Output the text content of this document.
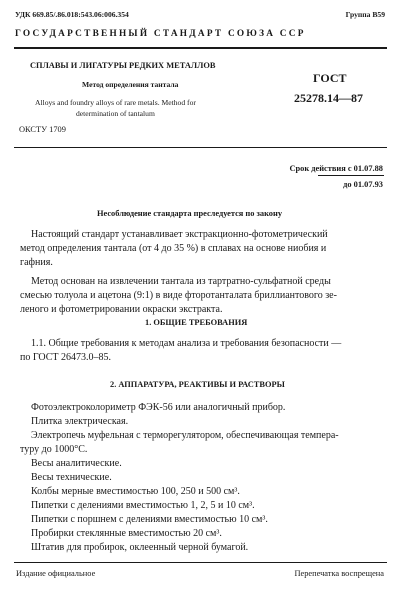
УДК 669.85/.86.018:543.06:006.354	Группа В59
ГОСУДАРСТВЕННЫЙ СТАНДАРТ СОЮЗА ССР
СПЛАВЫ И ЛИГАТУРЫ РЕДКИХ МЕТАЛЛОВ
Метод определения тантала
Alloys and foundry alloys of rare metals. Method for
determination of tantalum
ГОСТ
25278.14—87
ОКСТУ 1709
Срок действия с 01.07.88
до 01.07.93
Несоблюдение стандарта преследуется по закону
Настоящий стандарт устанавливает экстракционно-фотометрический
метод определения тантала (от 4 до 35 %) в сплавах на основе ниобия и
гафния.
Метод основан на извлечении тантала из тартратно-сульфатной среды
смесью толуола и ацетона (9:1) в виде фторотанталата бриллиантового зе-
леного и фотометрировании окраски экстракта.
1. ОБЩИЕ ТРЕБОВАНИЯ
1.1. Общие требования к методам анализа и требования безопасности —
по ГОСТ 26473.0–85.
2. АППАРАТУРА, РЕАКТИВЫ И РАСТВОРЫ
Фотоэлектроколориметр ФЭК-56 или аналогичный прибор.
Плитка электрическая.
Электропечь муфельная с терморегулятором, обеспечивающая темпера-
туру до 1000°С.
Весы аналитические.
Весы технические.
Колбы мерные вместимостью 100, 250 и 500 см³.
Пипетки с делениями вместимостью 1, 2, 5 и 10 см³.
Пипетки с поршнем с делениями вместимостью 10 см³.
Пробирки стеклянные вместимостью 20 см³.
Штатив для пробирок, оклеенный черной бумагой.
Издание официальное	Перепечатка воспрещена
